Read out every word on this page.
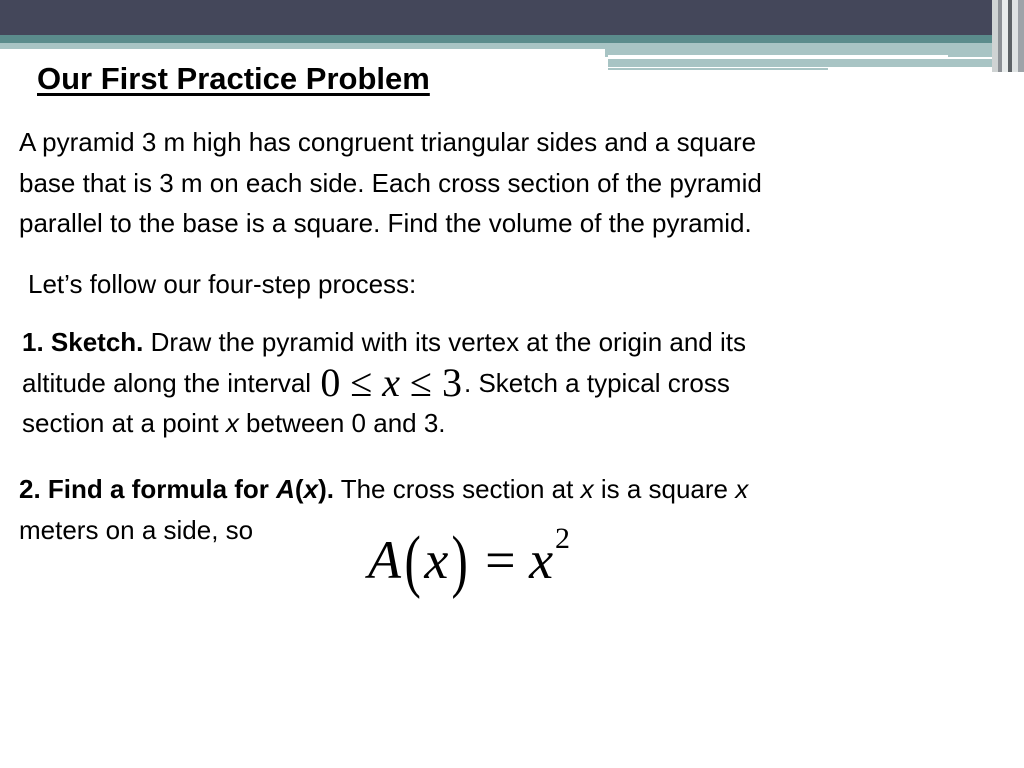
Our First Practice Problem
A pyramid 3 m high has congruent triangular sides and a square
base that is 3 m on each side. Each cross section of the pyramid
parallel to the base is a square. Find the volume of the pyramid.
Let’s follow our four-step process:
1. Sketch. Draw the pyramid with its vertex at the origin and its
altitude along the interval 0 ≤ x ≤ 3. Sketch a typical cross
section at a point x between 0 and 3.
2. Find a formula for A(x). The cross section at x is a square x
meters on a side, so
$A(x) = x^2$
